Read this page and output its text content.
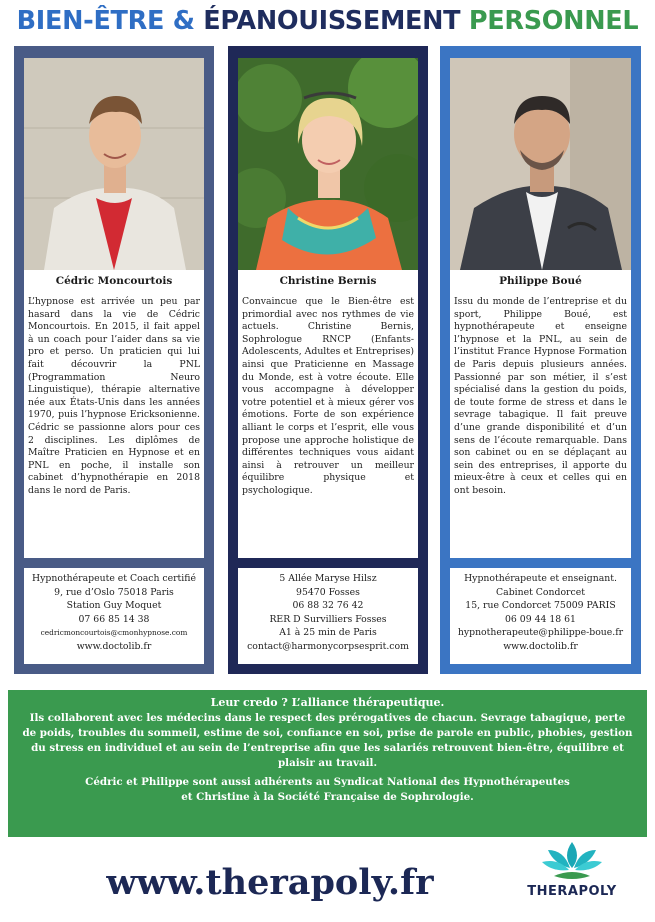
BIEN-ÊTRE & ÉPANOUISSEMENT PERSONNEL
Cédric Moncourtois
L’hypnose est arrivée un peu par hasard dans la vie de Cédric Moncourtois. En 2015, il fait appel à un coach pour l’aider dans sa vie pro et perso. Un praticien qui lui fait découvrir la PNL (Programmation Neuro Linguistique), thérapie alternative née aux États-Unis dans les années 1970, puis l’hypnose Ericksonienne. Cédric se passionne alors pour ces 2 disciplines. Les diplômes de Maître Praticien en Hypnose et en PNL en poche, il installe son cabinet d’hypnothérapie en 2018 dans le nord de Paris.
Hypnothérapeute et Coach certifié
9, rue d’Oslo 75018 Paris
Station Guy Moquet
07 66 85 14 38
cedricmoncourtois@cmonhypnose.com
www.doctolib.fr
Christine Bernis
Convaincue que le Bien-être est primordial avec nos rythmes de vie actuels. Christine Bernis, Sophrologue RNCP (Enfants-Adolescents, Adultes et Entreprises) ainsi que Praticienne en Massage du Monde, est à votre écoute. Elle vous accompagne à développer votre potentiel et à mieux gérer vos émotions. Forte de son expérience alliant le corps et l’esprit, elle vous propose une approche holistique de différentes techniques vous aidant ainsi à retrouver un meilleur équilibre physique et psychologique.
5 Allée Maryse Hilsz
95470 Fosses
06 88 32 76 42
RER D Survilliers Fosses
A1 à 25 min de Paris
contact@harmonycorpsesprit.com
Philippe Boué
Issu du monde de l’entreprise et du sport, Philippe Boué, est hypnothérapeute et enseigne l’hypnose et la PNL, au sein de l’institut France Hypnose Formation de Paris depuis plusieurs années. Passionné par son métier, il s’est spécialisé dans la gestion du poids, de toute forme de stress et dans le sevrage tabagique. Il fait preuve d’une grande disponibilité et d’un sens de l’écoute remarquable. Dans son cabinet ou en se déplaçant au sein des entreprises, il apporte du mieux-être à ceux et celles qui en ont besoin.
Hypnothérapeute et enseignant.
Cabinet Condorcet
15, rue Condorcet 75009 PARIS
06 09 44 18 61
hypnotherapeute@philippe-boue.fr
www.doctolib.fr
Leur credo ? L’alliance thérapeutique.
Ils collaborent avec les médecins dans le respect des prérogatives de chacun. Sevrage tabagique, perte de poids, troubles du sommeil, estime de soi, confiance en soi, prise de parole en public, phobies, gestion du stress en individuel et au sein de l’entreprise afin que les salariés retrouvent bien-être, équilibre et plaisir au travail.
Cédric et Philippe sont aussi adhérents au Syndicat National des Hypnothérapeutes
et Christine à la Société Française de Sophrologie.
www.therapoly.fr	THERAPOLY
